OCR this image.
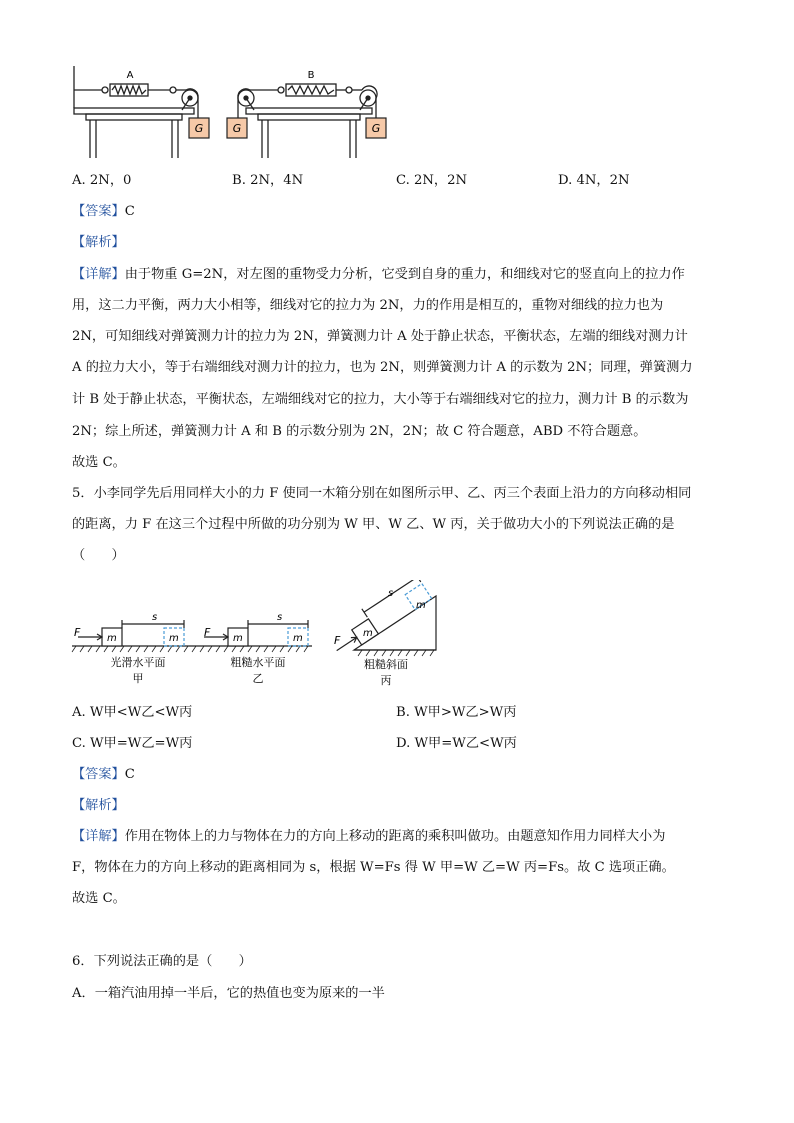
A
G
B
G	G
A. 2N，0	B. 2N，4N	C. 2N，2N	D. 4N，2N
【答案】C
【解析】
【详解】由于物重 G=2N，对左图的重物受力分析，它受到自身的重力，和细线对它的竖直向上的拉力作
用，这二力平衡，两力大小相等，细线对它的拉力为 2N，力的作用是相互的，重物对细线的拉力也为
2N，可知细线对弹簧测力计的拉力为 2N，弹簧测力计 A 处于静止状态，平衡状态，左端的细线对测力计
A 的拉力大小，等于右端细线对测力计的拉力，也为 2N，则弹簧测力计 A 的示数为 2N；同理，弹簧测力
计 B 处于静止状态，平衡状态，左端细线对它的拉力，大小等于右端细线对它的拉力，测力计 B 的示数为
2N；综上所述，弹簧测力计 A 和 B 的示数分别为 2N，2N；故 C 符合题意，ABD 不符合题意。
故选 C。
5．小李同学先后用同样大小的力 F 使同一木箱分别在如图所示甲、乙、丙三个表面上沿力的方向移动相同
的距离，力 F 在这三个过程中所做的功分别为 W 甲、W 乙、W 丙，关于做功大小的下列说法正确的是
（　　）
F	m	m
s
F m	m
s
F
m
m
s
光滑水平面
甲
粗糙水平面
乙
粗糙斜面
丙
A. W甲<W乙<W丙	B. W甲>W乙>W丙
C. W甲=W乙=W丙	D. W甲=W乙<W丙
【答案】C
【解析】
【详解】作用在物体上的力与物体在力的方向上移动的距离的乘积叫做功。由题意知作用力同样大小为
F，物体在力的方向上移动的距离相同为 s，根据 W=Fs 得 W 甲=W 乙=W 丙=Fs。故 C 选项正确。
故选 C。
6．下列说法正确的是（　　）
A．一箱汽油用掉一半后，它的热值也变为原来的一半
